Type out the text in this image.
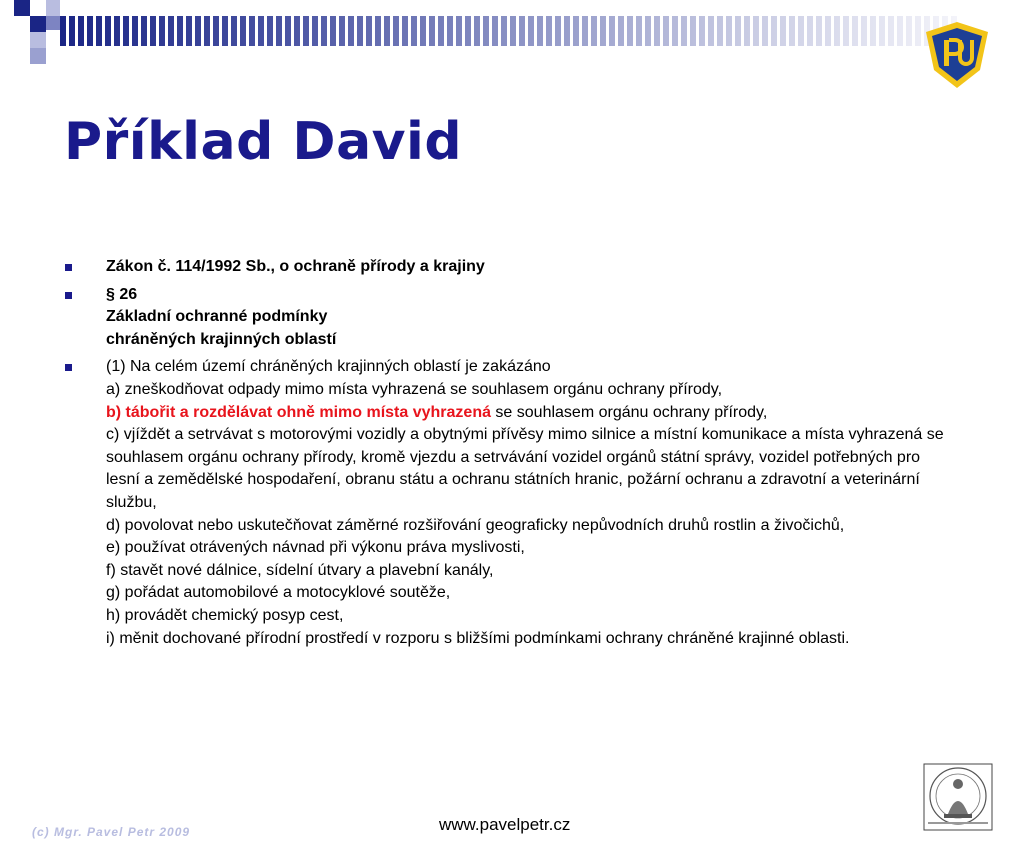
Příklad David
Zákon č. 114/1992 Sb., o ochraně přírody a krajiny
§ 26
Základní ochranné podmínky
chráněných krajinných oblastí
(1) Na celém území chráněných krajinných oblastí je zakázáno
a) zneškodňovat odpady mimo místa vyhrazená se souhlasem orgánu ochrany přírody,
b) tábořit a rozdělávat ohně mimo místa vyhrazená se souhlasem orgánu ochrany přírody,
c) vjíždět a setrvávat s motorovými vozidly a obytnými přívěsy mimo silnice a místní komunikace a místa vyhrazená se souhlasem orgánu ochrany přírody, kromě vjezdu a setrvávání vozidel orgánů státní správy, vozidel potřebných pro lesní a zemědělské hospodaření, obranu státu a ochranu státních hranic, požární ochranu a zdravotní a veterinární službu,
d) povolovat nebo uskutečňovat záměrné rozšiřování geograficky nepůvodních druhů rostlin a živočichů,
e) používat otrávených návnad při výkonu práva myslivosti,
f) stavět nové dálnice, sídelní útvary a plavební kanály,
g) pořádat automobilové a motocyklové soutěže,
h) provádět chemický posyp cest,
i) měnit dochované přírodní prostředí v rozporu s bližšími podmínkami ochrany chráněné krajinné oblasti.

(c) Mgr. Pavel Petr 2009	www.pavelpetr.cz
